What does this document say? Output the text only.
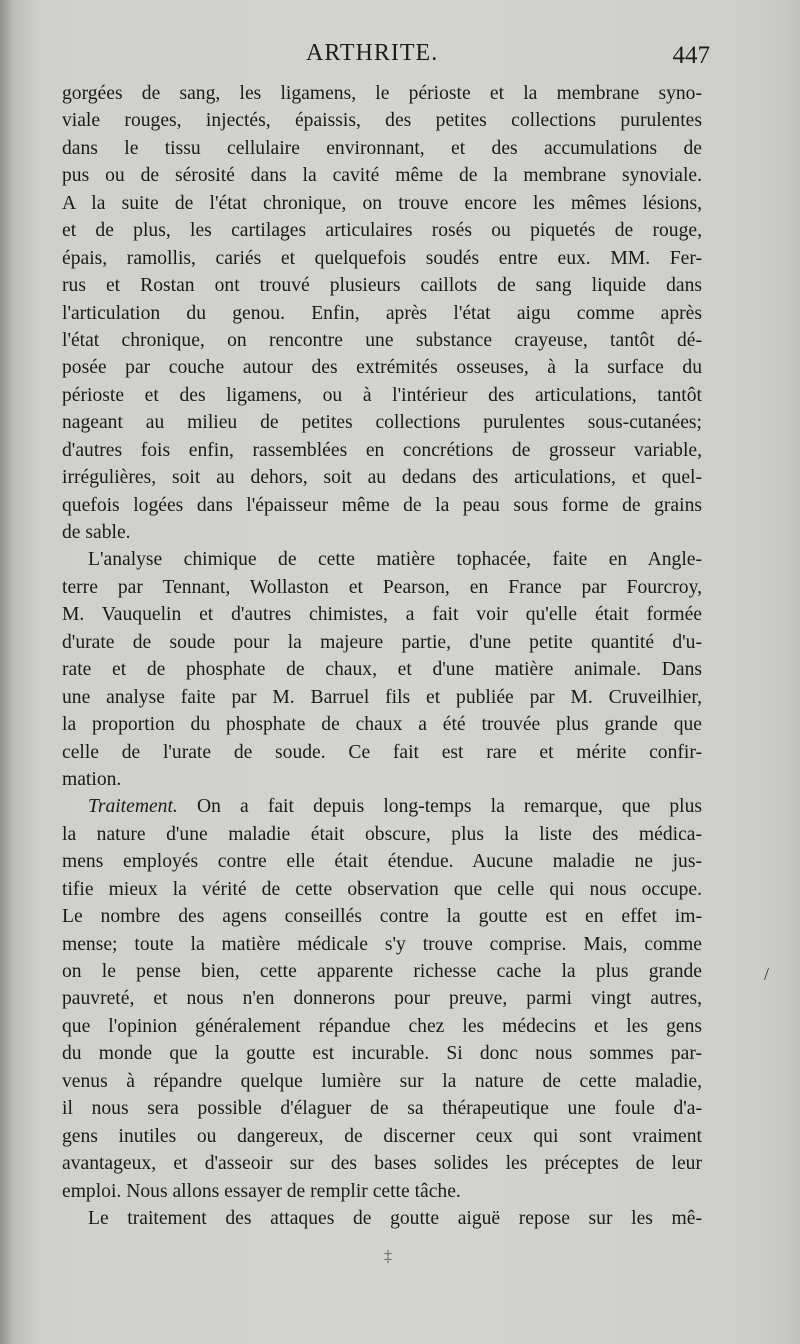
ARTHRITE.	447
gorgées de sang, les ligamens, le périoste et la membrane syno-
viale rouges, injectés, épaissis, des petites collections purulentes
dans le tissu cellulaire environnant, et des accumulations de
pus ou de sérosité dans la cavité même de la membrane synoviale.
A la suite de l'état chronique, on trouve encore les mêmes lésions,
et de plus, les cartilages articulaires rosés ou piquetés de rouge,
épais, ramollis, cariés et quelquefois soudés entre eux. MM. Fer-
rus et Rostan ont trouvé plusieurs caillots de sang liquide dans
l'articulation du genou. Enfin, après l'état aigu comme après
l'état chronique, on rencontre une substance crayeuse, tantôt dé-
posée par couche autour des extrémités osseuses, à la surface du
périoste et des ligamens, ou à l'intérieur des articulations, tantôt
nageant au milieu de petites collections purulentes sous-cutanées;
d'autres fois enfin, rassemblées en concrétions de grosseur variable,
irrégulières, soit au dehors, soit au dedans des articulations, et quel-
quefois logées dans l'épaisseur même de la peau sous forme de grains
de sable.
L'analyse chimique de cette matière tophacée, faite en Angle-
terre par Tennant, Wollaston et Pearson, en France par Fourcroy,
M. Vauquelin et d'autres chimistes, a fait voir qu'elle était formée
d'urate de soude pour la majeure partie, d'une petite quantité d'u-
rate et de phosphate de chaux, et d'une matière animale. Dans
une analyse faite par M. Barruel fils et publiée par M. Cruveilhier,
la proportion du phosphate de chaux a été trouvée plus grande que
celle de l'urate de soude. Ce fait est rare et mérite confir-
mation.
Traitement. On a fait depuis long-temps la remarque, que plus
la nature d'une maladie était obscure, plus la liste des médica-
mens employés contre elle était étendue. Aucune maladie ne jus-
tifie mieux la vérité de cette observation que celle qui nous occupe.
Le nombre des agens conseillés contre la goutte est en effet im-
mense; toute la matière médicale s'y trouve comprise. Mais, comme
on le pense bien, cette apparente richesse cache la plus grande
pauvreté, et nous n'en donnerons pour preuve, parmi vingt autres,
que l'opinion généralement répandue chez les médecins et les gens
du monde que la goutte est incurable. Si donc nous sommes par-
venus à répandre quelque lumière sur la nature de cette maladie,
il nous sera possible d'élaguer de sa thérapeutique une foule d'a-
gens inutiles ou dangereux, de discerner ceux qui sont vraiment
avantageux, et d'asseoir sur des bases solides les préceptes de leur
emploi. Nous allons essayer de remplir cette tâche.
Le traitement des attaques de goutte aiguë repose sur les mê-
‡
/
